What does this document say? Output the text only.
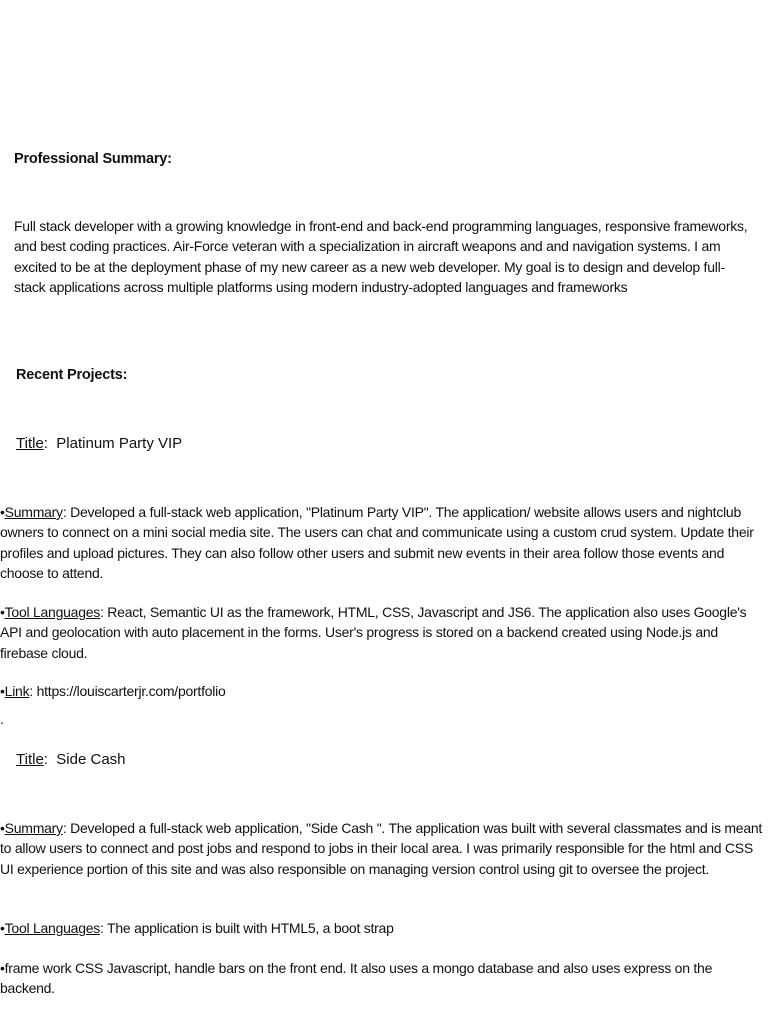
Professional Summary:

Full stack developer with a growing knowledge in front-end and back-end programming languages, responsive frameworks, and best coding practices. Air-Force veteran with a specialization in aircraft weapons and and navigation systems. I am excited to be at the deployment phase of my new career as a new web developer. My goal is to design and develop full-stack applications across multiple platforms using modern industry-adopted languages and frameworks

Recent Projects:
Title:  Platinum Party VIP

•Summary: Developed a full-stack web application, "Platinum Party VIP". The application/ website allows users and nightclub owners to connect on a mini social media site. The users can chat and communicate using a custom crud system. Update their profiles and upload pictures. They can also follow other users and submit new events in their area follow those events and choose to attend.

•Tool Languages: React, Semantic UI as the framework, HTML, CSS, Javascript and JS6. The application also uses Google's API and geolocation with auto placement in the forms. User's progress is stored on a backend created using Node.js and firebase cloud.

•Link: https://louiscarterjr.com/portfolio

.
Title:  Side Cash

•Summary: Developed a full-stack web application, "Side Cash ". The application was built with several classmates and is meant to allow users to connect and post jobs and respond to jobs in their local area. I was primarily responsible for the html and CSS UI experience portion of this site and was also responsible on managing version control using git to oversee the project.

•Tool Languages: The application is built with HTML5, a boot strap

•frame work CSS Javascript, handle bars on the front end. It also uses a mongo database and also uses express on the backend.
